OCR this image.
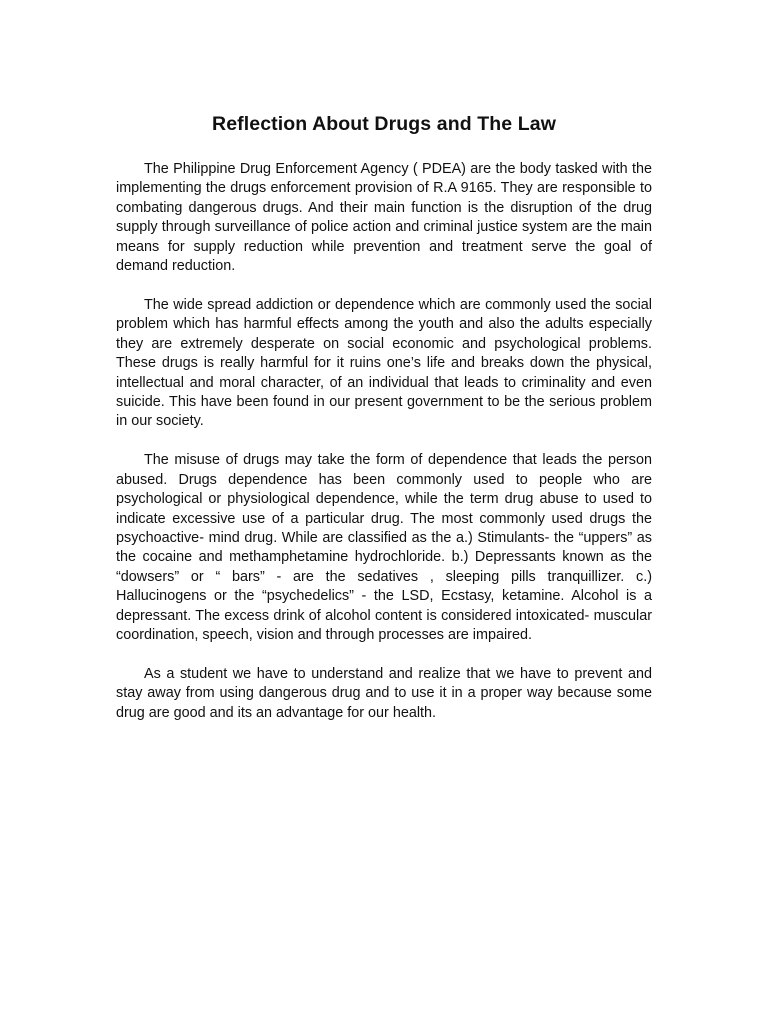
Reflection About Drugs and The Law

The Philippine Drug Enforcement Agency ( PDEA) are the body tasked with the implementing the drugs enforcement provision of R.A 9165. They are responsible to combating dangerous drugs. And their main function is the disruption of the drug supply through surveillance of police action and criminal justice system are the main means for supply reduction while prevention and treatment serve the goal of demand reduction.

The wide spread addiction or dependence which are commonly used the social problem which has harmful effects among the youth and also the adults especially they are extremely desperate on social economic and psychological problems. These drugs is really harmful for it ruins one’s life and breaks down the physical, intellectual and moral character, of an individual that leads to criminality and even suicide. This have been found in our present government to be the serious problem in our society.

The misuse of drugs may take the form of dependence that leads the person abused. Drugs dependence has been commonly used to people who are psychological or physiological dependence, while the term drug abuse to used to indicate excessive use of a particular drug. The most commonly used drugs the psychoactive- mind drug. While are classified as the a.) Stimulants- the “uppers” as the cocaine and methamphetamine hydrochloride. b.) Depressants known as the “dowsers” or “ bars” - are the sedatives , sleeping pills tranquillizer. c.) Hallucinogens or the “psychedelics” - the LSD, Ecstasy, ketamine. Alcohol is a depressant. The excess drink of alcohol content is considered intoxicated- muscular coordination, speech, vision and through processes are impaired.

As a student we have to understand and realize that we have to prevent and stay away from using dangerous drug and to use it in a proper way because some drug are good and its an advantage for our health.
